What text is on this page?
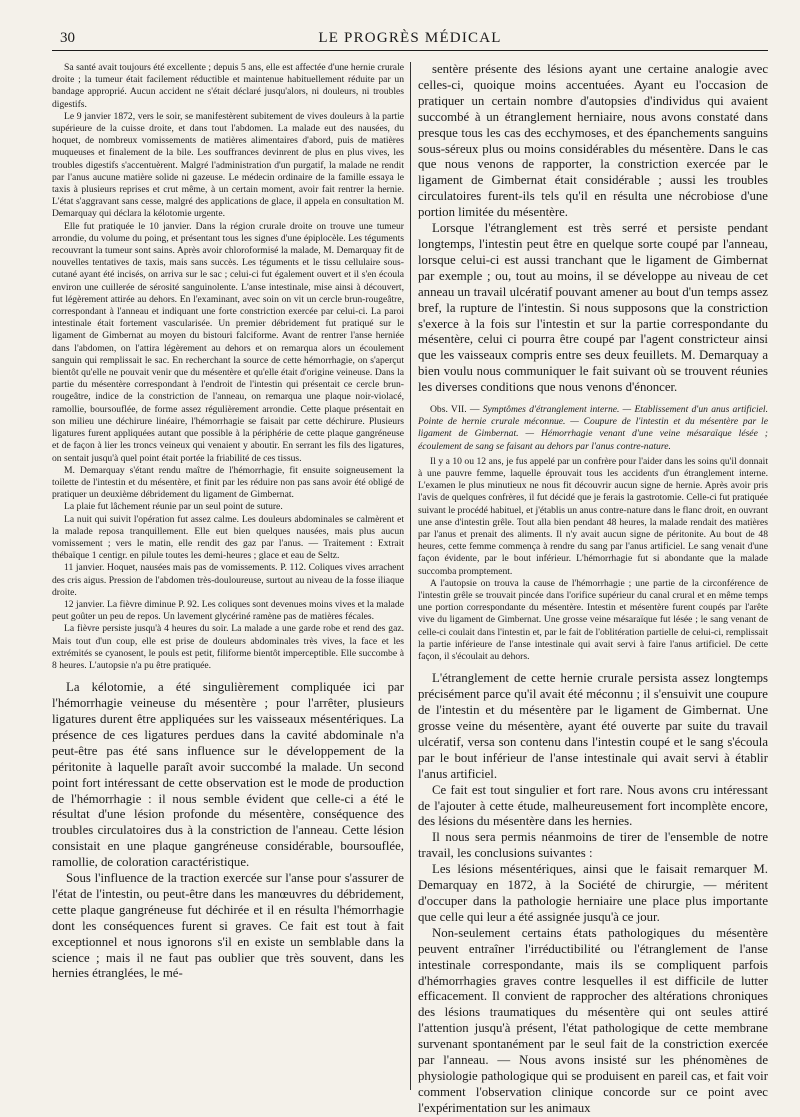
30	LE PROGRÈS MÉDICAL

Sa santé avait toujours été excellente ; depuis 5 ans, elle est affectée d'une hernie crurale droite ; la tumeur était facilement réductible et maintenue habituellement réduite par un bandage approprié. Aucun accident ne s'était déclaré jusqu'alors, ni douleurs, ni troubles digestifs.

Le 9 janvier 1872, vers le soir, se manifestèrent subitement de vives douleurs à la partie supérieure de la cuisse droite, et dans tout l'abdomen. La malade eut des nausées, du hoquet, de nombreux vomissements de matières alimentaires d'abord, puis de matières muqueuses et finalement de la bile. Les souffrances devinrent de plus en plus vives, les troubles digestifs s'accentuèrent. Malgré l'administration d'un purgatif, la malade ne rendit par l'anus aucune matière solide ni gazeuse. Le médecin ordinaire de la famille essaya le taxis à plusieurs reprises et crut même, à un certain moment, avoir fait rentrer la hernie. L'état s'aggravant sans cesse, malgré des applications de glace, il appela en consultation M. Demarquay qui déclara la kélotomie urgente.

Elle fut pratiquée le 10 janvier. Dans la région crurale droite on trouve une tumeur arrondie, du volume du poing, et présentant tous les signes d'une épiplocèle. Les téguments recouvrant la tumeur sont sains. Après avoir chloroformisé la malade, M. Demarquay fit de nouvelles tentatives de taxis, mais sans succès. Les téguments et le tissu cellulaire sous-cutané ayant été incisés, on arriva sur le sac ; celui-ci fut également ouvert et il s'en écoula environ une cuillerée de sérosité sanguinolente. L'anse intestinale, mise ainsi à découvert, fut légèrement attirée au dehors. En l'examinant, avec soin on vit un cercle brun-rougeâtre, correspondant à l'anneau et indiquant une forte constriction exercée par celui-ci. La paroi intestinale était fortement vascularisée. Un premier débridement fut pratiqué sur le ligament de Gimbernat au moyen du bistouri falciforme. Avant de rentrer l'anse herniée dans l'abdomen, on l'attira légèrement au dehors et on remarqua alors un écoulement sanguin qui remplissait le sac. En recherchant la source de cette hémorrhagie, on s'aperçut bientôt qu'elle ne pouvait venir que du mésentère et qu'elle était d'origine veineuse. Dans la partie du mésentère correspondant à l'endroit de l'intestin qui présentait ce cercle brun-rougeâtre, indice de la constriction de l'anneau, on remarqua une plaque noir-violacé, ramollie, boursouflée, de forme assez régulièrement arrondie. Cette plaque présentait en son milieu une déchirure linéaire, l'hémorrhagie se faisait par cette déchirure. Plusieurs ligatures furent appliquées autant que possible à la périphérie de cette plaque gangréneuse et de façon à lier les troncs veineux qui venaient y aboutir. En serrant les fils des ligatures, on sentait jusqu'à quel point était portée la friabilité de ces tissus.

M. Demarquay s'étant rendu maître de l'hémorrhagie, fit ensuite soigneusement la toilette de l'intestin et du mésentère, et finit par les réduire non pas sans avoir été obligé de pratiquer un deuxième débridement du ligament de Gimbernat.

La plaie fut lâchement réunie par un seul point de suture.

La nuit qui suivit l'opération fut assez calme. Les douleurs abdominales se calmèrent et la malade reposa tranquillement. Elle eut bien quelques nausées, mais plus aucun vomissement ; vers le matin, elle rendit des gaz par l'anus. — Traitement : Extrait thébaïque 1 centigr. en pilule toutes les demi-heures ; glace et eau de Seltz.

11 janvier. Hoquet, nausées mais pas de vomissements. P. 112. Coliques vives arrachent des cris aigus. Pression de l'abdomen très-douloureuse, surtout au niveau de la fosse iliaque droite.

12 janvier. La fièvre diminue P. 92. Les coliques sont devenues moins vives et la malade peut goûter un peu de repos. Un lavement glycériné ramène pas de matières fécales.

La fièvre persiste jusqu'à 4 heures du soir. La malade a une garde robe et rend des gaz. Mais tout d'un coup, elle est prise de douleurs abdominales très vives, la face et les extrémités se cyanosent, le pouls est petit, filiforme bientôt imperceptible. Elle succombe à 8 heures. L'autopsie n'a pu être pratiquée.

La kélotomie, a été singulièrement compliquée ici par l'hémorrhagie veineuse du mésentère ; pour l'arrêter, plusieurs ligatures durent être appliquées sur les vaisseaux mésentériques. La présence de ces ligatures perdues dans la cavité abdominale n'a peut-être pas été sans influence sur le développement de la péritonite à laquelle paraît avoir succombé la malade. Un second point fort intéressant de cette observation est le mode de production de l'hémorrhagie : il nous semble évident que celle-ci a été le résultat d'une lésion profonde du mésentère, conséquence des troubles circulatoires dus à la constriction de l'anneau. Cette lésion consistait en une plaque gangréneuse considérable, boursouflée, ramollie, de coloration caractéristique.

Sous l'influence de la traction exercée sur l'anse pour s'assurer de l'état de l'intestin, ou peut-être dans les manœuvres du débridement, cette plaque gangréneuse fut déchirée et il en résulta l'hémorrhagie dont les conséquences furent si graves. Ce fait est tout à fait exceptionnel et nous ignorons s'il en existe un semblable dans la science ; mais il ne faut pas oublier que très souvent, dans les hernies étranglées, le mé-

sentère présente des lésions ayant une certaine analogie avec celles-ci, quoique moins accentuées. Ayant eu l'occasion de pratiquer un certain nombre d'autopsies d'individus qui avaient succombé à un étranglement herniaire, nous avons constaté dans presque tous les cas des ecchymoses, et des épanchements sanguins sous-séreux plus ou moins considérables du mésentère. Dans le cas que nous venons de rapporter, la constriction exercée par le ligament de Gimbernat était considérable ; aussi les troubles circulatoires furent-ils tels qu'il en résulta une nécrobiose d'une portion limitée du mésentère.

Lorsque l'étranglement est très serré et persiste pendant longtemps, l'intestin peut être en quelque sorte coupé par l'anneau, lorsque celui-ci est aussi tranchant que le ligament de Gimbernat par exemple ; ou, tout au moins, il se développe au niveau de cet anneau un travail ulcératif pouvant amener au bout d'un temps assez bref, la rupture de l'intestin. Si nous supposons que la constriction s'exerce à la fois sur l'intestin et sur la partie correspondante du mésentère, celui ci pourra être coupé par l'agent constricteur ainsi que les vaisseaux compris entre ses deux feuillets. M. Demarquay a bien voulu nous communiquer le fait suivant où se trouvent réunies les diverses conditions que nous venons d'énoncer.

Obs. VII. — Symptômes d'étranglement interne. — Etablissement d'un anus artificiel. Pointe de hernie crurale méconnue. — Coupure de l'intestin et du mésentère par le ligament de Gimbernat. — Hémorrhagie venant d'une veine mésaraïque lésée ; écoulement de sang se faisant au dehors par l'anus contre-nature.

Il y a 10 ou 12 ans, je fus appelé par un confrère pour l'aider dans les soins qu'il donnait à une pauvre femme, laquelle éprouvait tous les accidents d'un étranglement interne. L'examen le plus minutieux ne nous fit découvrir aucun signe de hernie. Après avoir pris l'avis de quelques confrères, il fut décidé que je ferais la gastrotomie. Celle-ci fut pratiquée suivant le procédé habituel, et j'établis un anus contre-nature dans le flanc droit, en ouvrant une anse d'intestin grêle. Tout alla bien pendant 48 heures, la malade rendait des matières par l'anus et prenait des aliments. Il n'y avait aucun signe de péritonite. Au bout de 48 heures, cette femme commença à rendre du sang par l'anus artificiel. Le sang venait d'une façon évidente, par le bout inférieur. L'hémorrhagie fut si abondante que la malade succomba promptement.

A l'autopsie on trouva la cause de l'hémorrhagie ; une partie de la circonférence de l'intestin grêle se trouvait pincée dans l'orifice supérieur du canal crural et en même temps une portion correspondante du mésentère. Intestin et mésentère furent coupés par l'arête vive du ligament de Gimbernat. Une grosse veine mésaraïque fut lésée ; le sang venant de celle-ci coulait dans l'intestin et, par le fait de l'oblitération partielle de celui-ci, remplissait la partie inférieure de l'anse intestinale qui avait servi à faire l'anus artificiel. De cette façon, il s'écoulait au dehors.

L'étranglement de cette hernie crurale persista assez longtemps précisément parce qu'il avait été méconnu ; il s'ensuivit une coupure de l'intestin et du mésentère par le ligament de Gimbernat. Une grosse veine du mésentère, ayant été ouverte par suite du travail ulcératif, versa son contenu dans l'intestin coupé et le sang s'écoula par le bout inférieur de l'anse intestinale qui avait servi à établir l'anus artificiel.

Ce fait est tout singulier et fort rare. Nous avons cru intéressant de l'ajouter à cette étude, malheureusement fort incomplète encore, des lésions du mésentère dans les hernies.

Il nous sera permis néanmoins de tirer de l'ensemble de notre travail, les conclusions suivantes :

Les lésions mésentériques, ainsi que le faisait remarquer M. Demarquay en 1872, à la Société de chirurgie, — méritent d'occuper dans la pathologie herniaire une place plus importante que celle qui leur a été assignée jusqu'à ce jour.

Non-seulement certains états pathologiques du mésentère peuvent entraîner l'irréductibilité ou l'étranglement de l'anse intestinale correspondante, mais ils se compliquent parfois d'hémorrhagies graves contre lesquelles il est difficile de lutter efficacement. Il convient de rapprocher des altérations chroniques des lésions traumatiques du mésentère qui ont seules attiré l'attention jusqu'à présent, l'état pathologique de cette membrane survenant spontanément par le seul fait de la constriction exercée par l'anneau. — Nous avons insisté sur les phénomènes de physiologie pathologique qui se produisent en pareil cas, et fait voir comment l'observation clinique concorde sur ce point avec l'expérimentation sur les animaux
